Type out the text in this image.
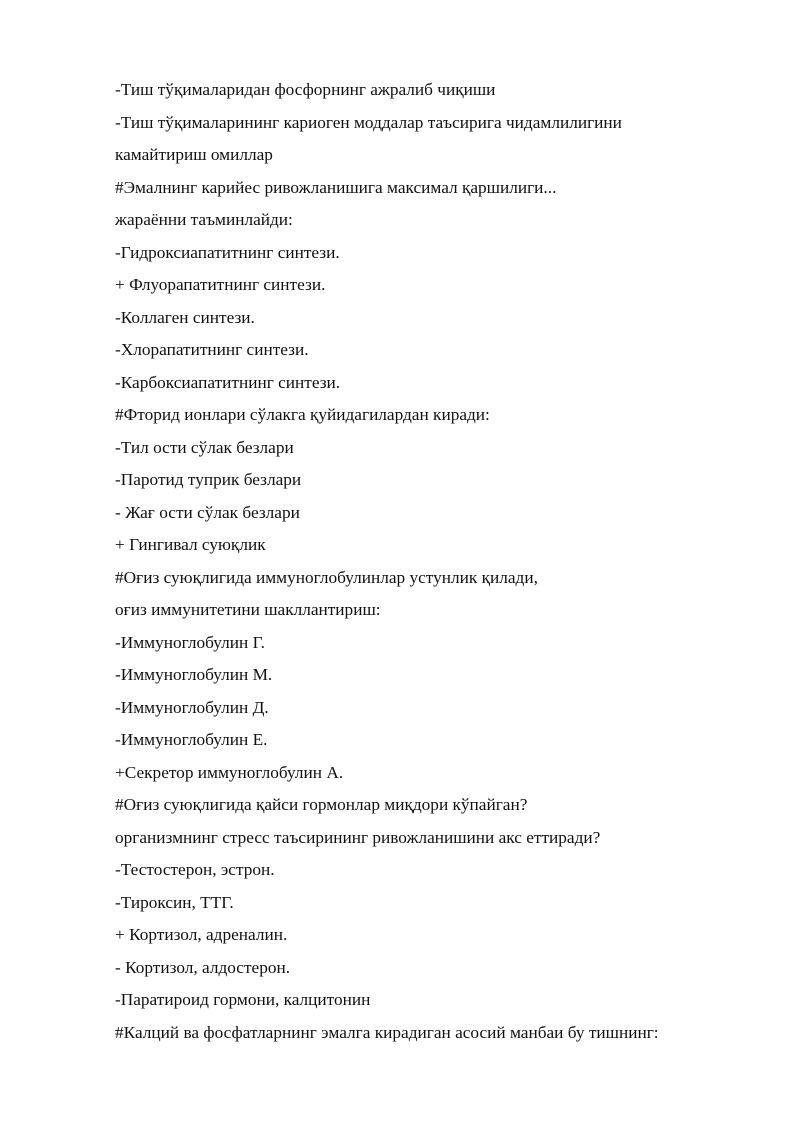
-Тиш тўқималаридан фосфорнинг ажралиб чиқиши
-Тиш тўқималарининг кариоген моддалар таъсирига чидамлилигини
камайтириш омиллар
#Эмалнинг карийес ривожланишига максимал қаршилиги...
жараённи таъминлайди:
-Гидроксиапатитнинг синтези.
+ Флуорапатитнинг синтези.
-Коллаген синтези.
-Хлорапатитнинг синтези.
-Карбоксиапатитнинг синтези.
#Фторид ионлари сўлакга қуйидагилардан киради:
-Тил ости сўлак безлари
-Паротид туприк безлари
- Жағ ости сўлак безлари
+ Гингивал суюқлик
#Оғиз суюқлигида иммуноглобулинлар устунлик қилади,
оғиз иммунитетини шакллантириш:
-Иммуноглобулин Г.
-Иммуноглобулин М.
-Иммуноглобулин Д.
-Иммуноглобулин Е.
+Секретор иммуноглобулин А.
#Оғиз суюқлигида қайси гормонлар миқдори кўпайган?
организмнинг стресс таъсирининг ривожланишини акс еттиради?
-Тестостерон, эстрон.
-Тироксин, ТТГ.
+ Кортизол, адреналин.
- Кортизол, алдостерон.
-Паратироид гормони, калцитонин
#Калций ва фосфатларнинг эмалга кирадиган асосий манбаи бу тишнинг:
